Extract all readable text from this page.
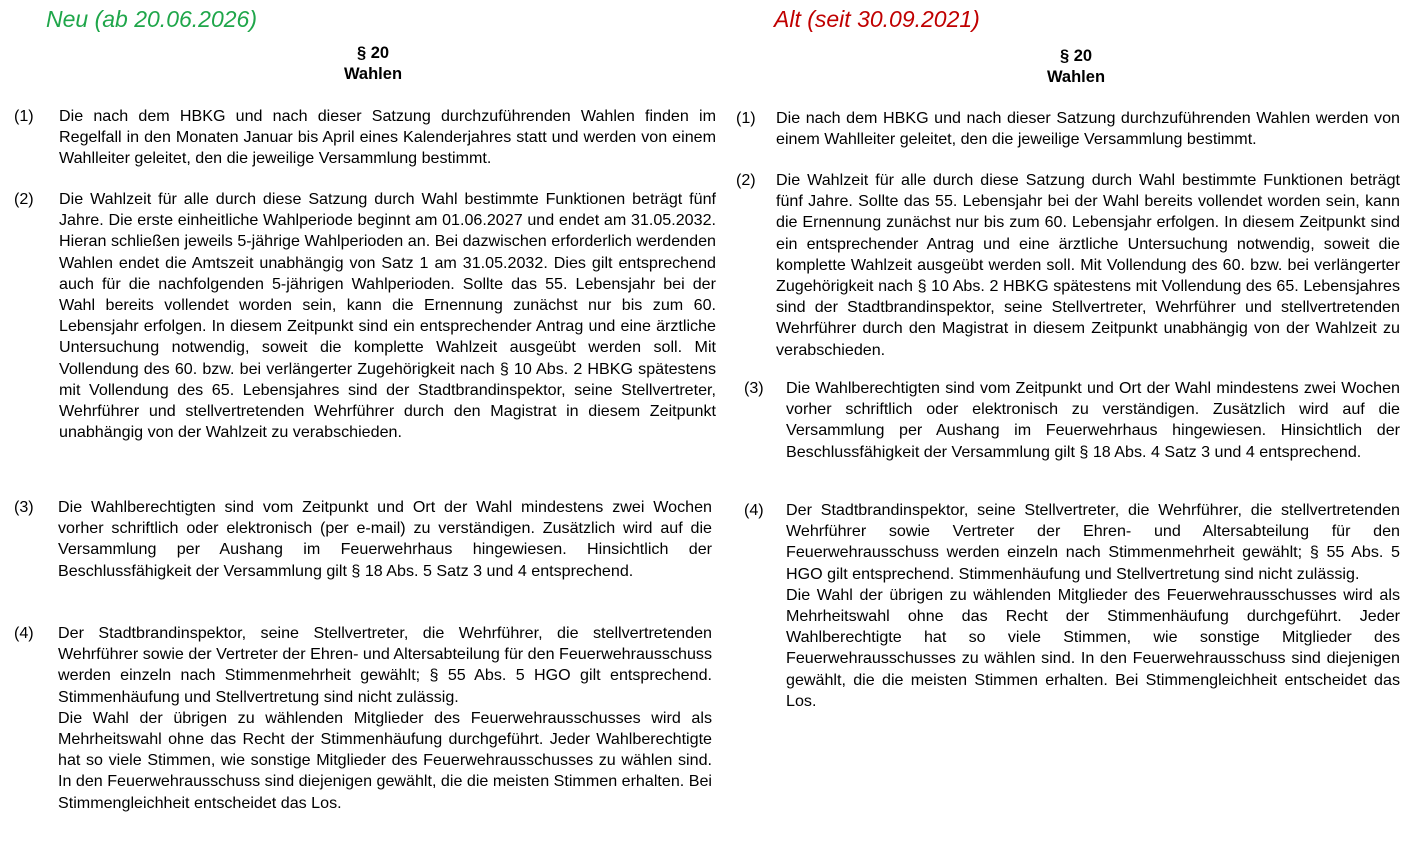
Neu (ab 20.06.2026)
§ 20
Wahlen
(1) Die nach dem HBKG und nach dieser Satzung durchzuführenden Wahlen finden im Regelfall in den Monaten Januar bis April eines Kalenderjahres statt und werden von einem Wahlleiter geleitet, den die jeweilige Versammlung bestimmt.

(2) Die Wahlzeit für alle durch diese Satzung durch Wahl bestimmte Funktionen beträgt fünf Jahre. Die erste einheitliche Wahlperiode beginnt am 01.06.2027 und endet am 31.05.2032. Hieran schließen jeweils 5-jährige Wahlperioden an. Bei dazwischen erforderlich werdenden Wahlen endet die Amtszeit unabhängig von Satz 1 am 31.05.2032. Dies gilt entsprechend auch für die nachfolgenden 5-jährigen Wahlperioden. Sollte das 55. Lebensjahr bei der Wahl bereits vollendet worden sein, kann die Ernennung zunächst nur bis zum 60. Lebensjahr erfolgen. In diesem Zeitpunkt sind ein entsprechender Antrag und eine ärztliche Untersuchung notwendig, soweit die komplette Wahlzeit ausgeübt werden soll. Mit Vollendung des 60. bzw. bei verlängerter Zugehörigkeit nach § 10 Abs. 2 HBKG spätestens mit Vollendung des 65. Lebensjahres sind der Stadtbrandinspektor, seine Stellvertreter, Wehrführer und stellvertretenden Wehrführer durch den Magistrat in diesem Zeitpunkt unabhängig von der Wahlzeit zu verabschieden.

(3) Die Wahlberechtigten sind vom Zeitpunkt und Ort der Wahl mindestens zwei Wochen vorher schriftlich oder elektronisch (per e-mail) zu verständigen. Zusätzlich wird auf die Versammlung per Aushang im Feuerwehrhaus hingewiesen. Hinsichtlich der Beschlussfähigkeit der Versammlung gilt § 18 Abs. 5 Satz 3 und 4 entsprechend.

(4) Der Stadtbrandinspektor, seine Stellvertreter, die Wehrführer, die stellvertretenden Wehrführer sowie der Vertreter der Ehren- und Altersabteilung für den Feuerwehrausschuss werden einzeln nach Stimmenmehrheit gewählt; § 55 Abs. 5 HGO gilt entsprechend. Stimmenhäufung und Stellvertretung sind nicht zulässig.

Die Wahl der übrigen zu wählenden Mitglieder des Feuerwehrausschusses wird als Mehrheitswahl ohne das Recht der Stimmenhäufung durchgeführt. Jeder Wahlberechtigte hat so viele Stimmen, wie sonstige Mitglieder des Feuerwehrausschusses zu wählen sind. In den Feuerwehrausschuss sind diejenigen gewählt, die die meisten Stimmen erhalten. Bei Stimmengleichheit entscheidet das Los.

Alt (seit 30.09.2021)
§ 20
Wahlen
(1) Die nach dem HBKG und nach dieser Satzung durchzuführenden Wahlen werden von einem Wahlleiter geleitet, den die jeweilige Versammlung bestimmt.

(2) Die Wahlzeit für alle durch diese Satzung durch Wahl bestimmte Funktionen beträgt fünf Jahre. Sollte das 55. Lebensjahr bei der Wahl bereits vollendet worden sein, kann die Ernennung zunächst nur bis zum 60. Lebensjahr erfolgen. In diesem Zeitpunkt sind ein entsprechender Antrag und eine ärztliche Untersuchung notwendig, soweit die komplette Wahlzeit ausgeübt werden soll. Mit Vollendung des 60. bzw. bei verlängerter Zugehörigkeit nach § 10 Abs. 2 HBKG spätestens mit Vollendung des 65. Lebensjahres sind der Stadtbrandinspektor, seine Stellvertreter, Wehrführer und stellvertretenden Wehrführer durch den Magistrat in diesem Zeitpunkt unabhängig von der Wahlzeit zu verabschieden.

(3) Die Wahlberechtigten sind vom Zeitpunkt und Ort der Wahl mindestens zwei Wochen vorher schriftlich oder elektronisch zu verständigen. Zusätzlich wird auf die Versammlung per Aushang im Feuerwehrhaus hingewiesen. Hinsichtlich der Beschlussfähigkeit der Versammlung gilt § 18 Abs. 4 Satz 3 und 4 entsprechend.

(4) Der Stadtbrandinspektor, seine Stellvertreter, die Wehrführer, die stellvertretenden Wehrführer sowie Vertreter der Ehren- und Altersabteilung für den Feuerwehrausschuss werden einzeln nach Stimmenmehrheit gewählt; § 55 Abs. 5 HGO gilt entsprechend. Stimmenhäufung und Stellvertretung sind nicht zulässig.

Die Wahl der übrigen zu wählenden Mitglieder des Feuerwehrausschusses wird als Mehrheitswahl ohne das Recht der Stimmenhäufung durchgeführt. Jeder Wahlberechtigte hat so viele Stimmen, wie sonstige Mitglieder des Feuerwehrausschusses zu wählen sind. In den Feuerwehrausschuss sind diejenigen gewählt, die die meisten Stimmen erhalten. Bei Stimmengleichheit entscheidet das Los.
